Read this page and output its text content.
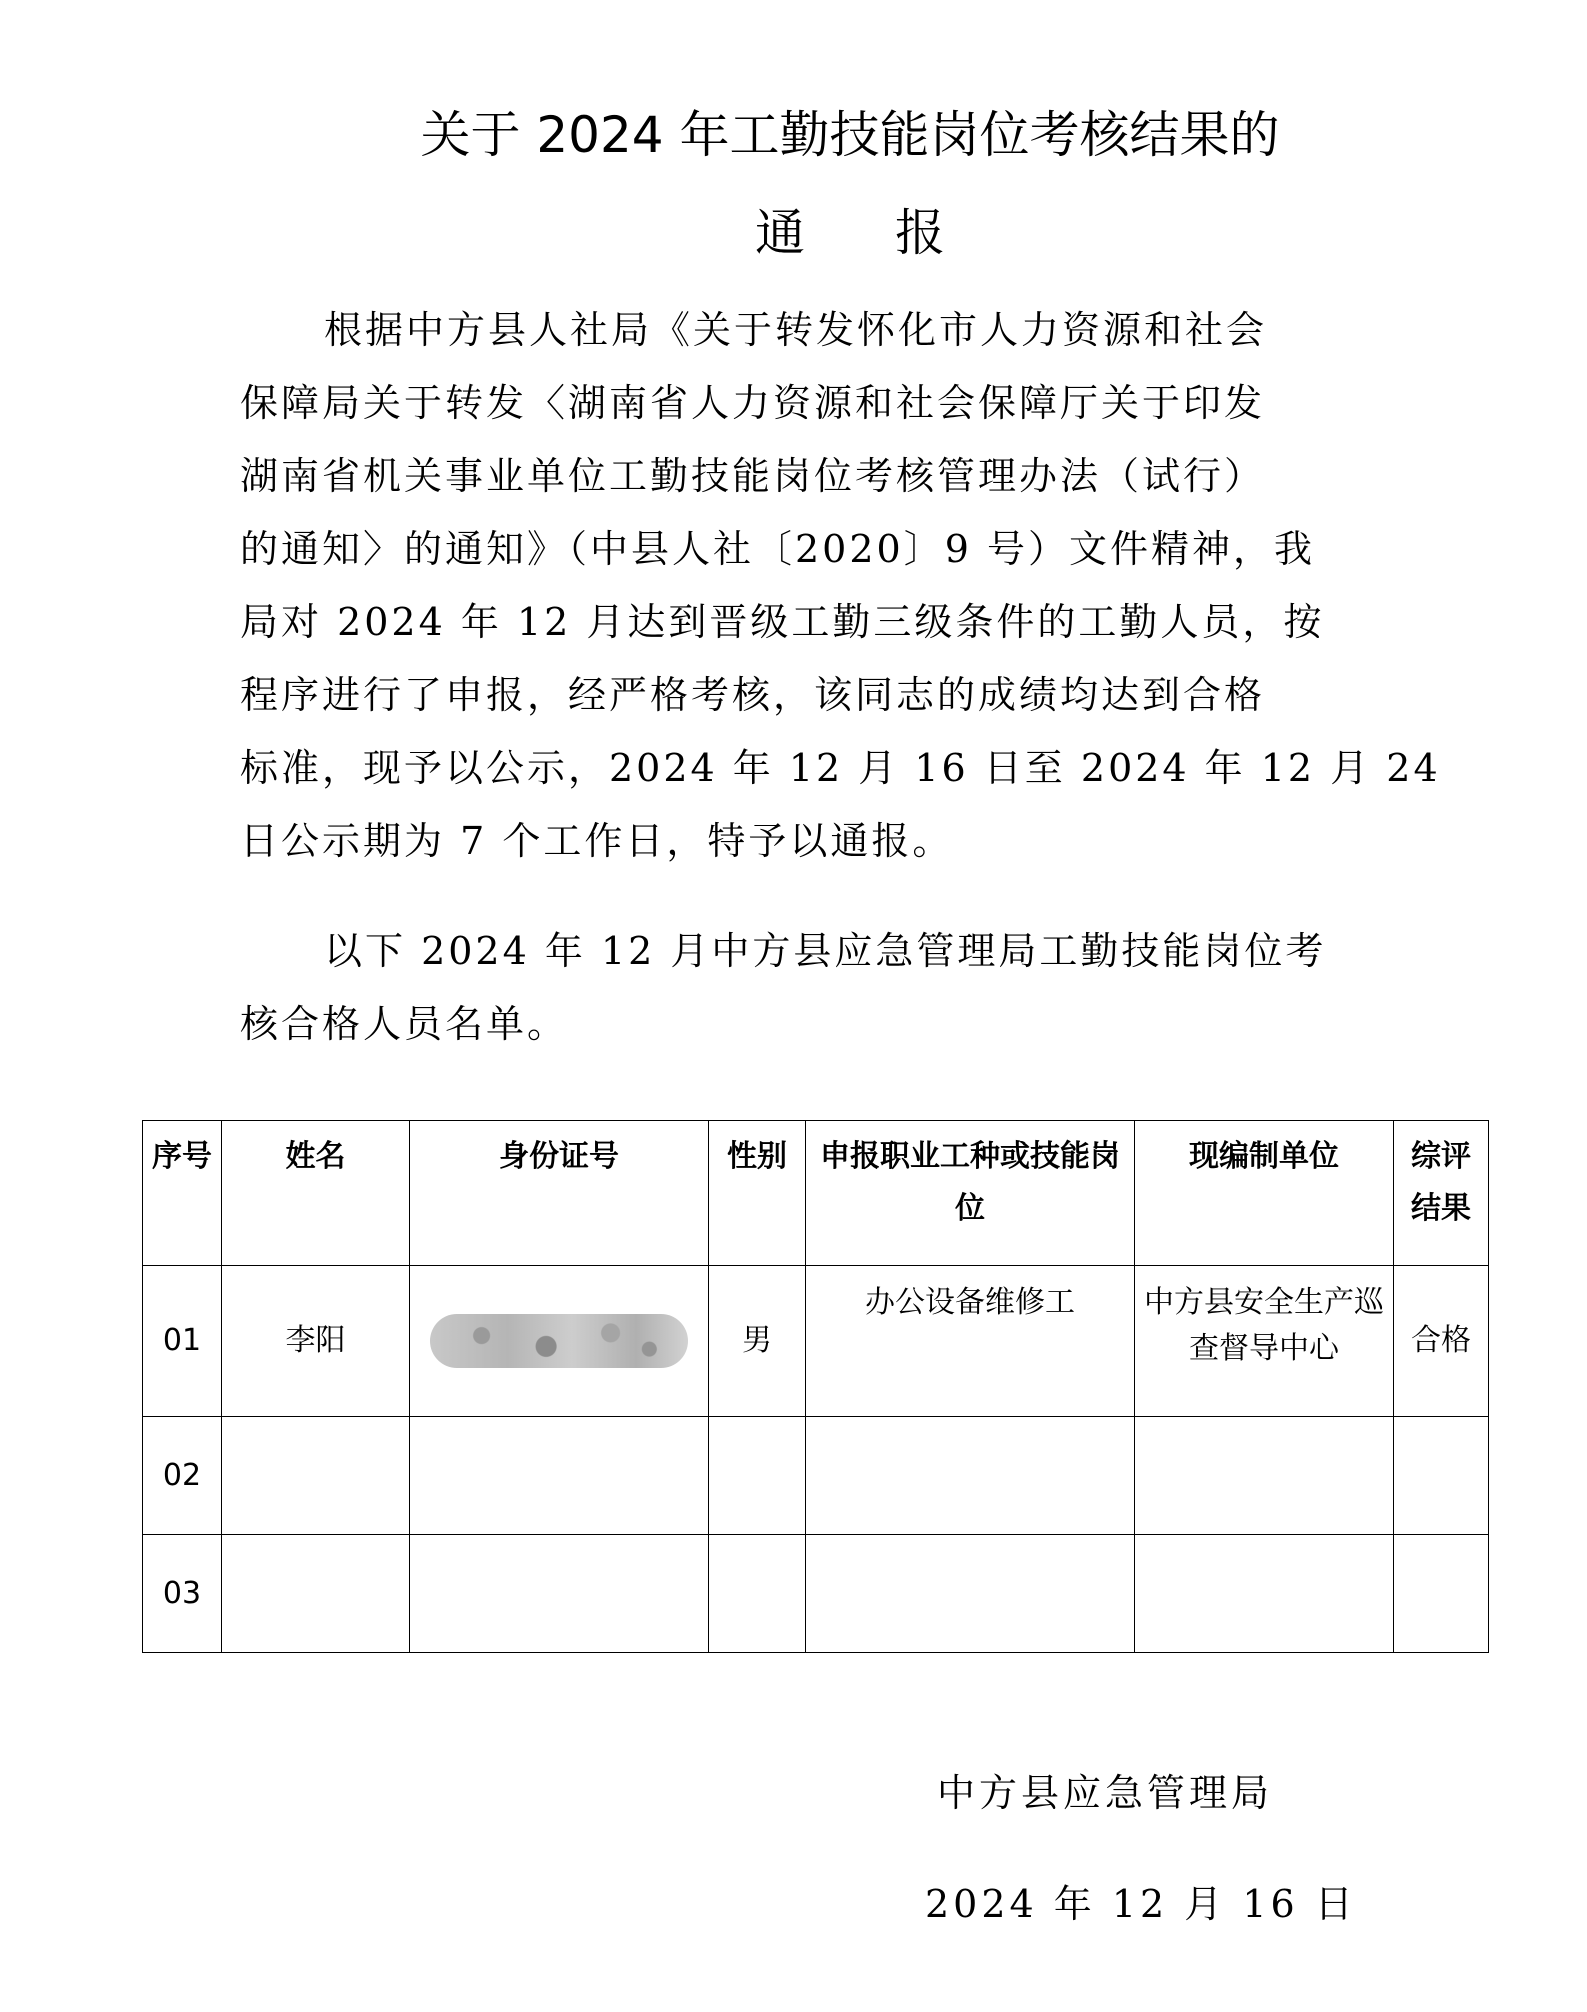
关于 2024 年工勤技能岗位考核结果的
通报
根据中方县人社局《关于转发怀化市人力资源和社会
保障局关于转发〈湖南省人力资源和社会保障厅关于印发
湖南省机关事业单位工勤技能岗位考核管理办法（试行）
的通知〉的通知》（中县人社〔2020〕9 号）文件精神，我
局对 2024 年 12 月达到晋级工勤三级条件的工勤人员，按
程序进行了申报，经严格考核，该同志的成绩均达到合格
标准，现予以公示，2024 年 12 月 16 日至 2024 年 12 月 24
日公示期为 7 个工作日，特予以通报。
以下 2024 年 12 月中方县应急管理局工勤技能岗位考
核合格人员名单。
序号	姓名	身份证号	性别	申报职业工种或技能岗位	现编制单位	综评结果
01	李阳		男	办公设备维修工	中方县安全生产巡查督导中心	合格
02						
03						

中方县应急管理局

2024 年 12 月 16 日
